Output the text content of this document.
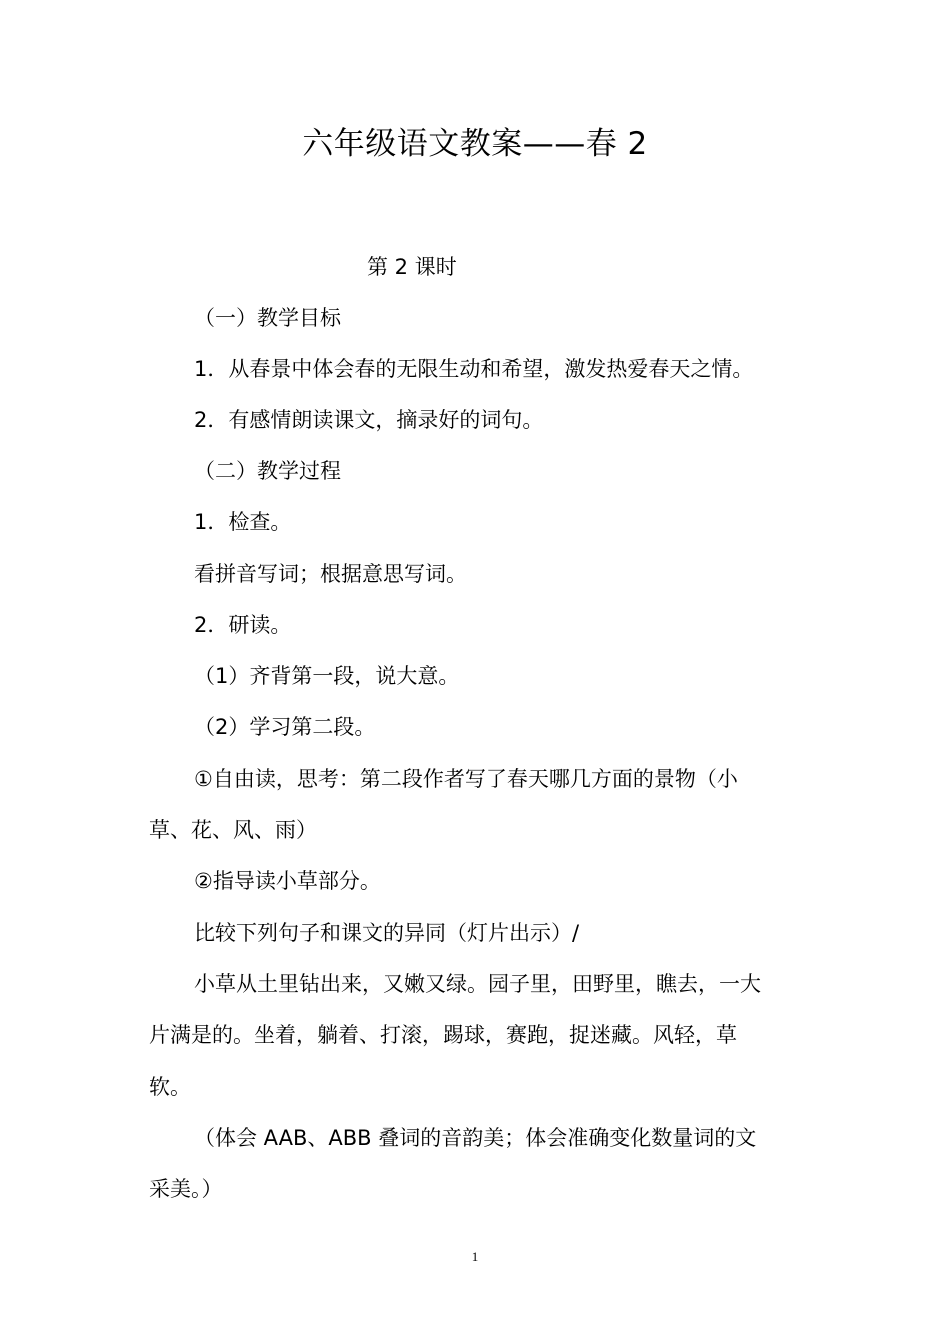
六年级语文教案——春 2
第 2 课时
（一）教学目标
1．从春景中体会春的无限生动和希望，激发热爱春天之情。
2．有感情朗读课文，摘录好的词句。
（二）教学过程
1．检查。
看拼音写词；根据意思写词。
2．研读。
（1）齐背第一段，说大意。
（2）学习第二段。
①自由读，思考：第二段作者写了春天哪几方面的景物（小
草、花、风、雨）
②指导读小草部分。
比较下列句子和课文的异同（灯片出示）/
小草从土里钻出来，又嫩又绿。园子里，田野里，瞧去，一大
片满是的。坐着，躺着、打滚，踢球，赛跑，捉迷藏。风轻，草
软。
（体会 AAB、ABB 叠词的音韵美；体会准确变化数量词的文
采美。）
1
